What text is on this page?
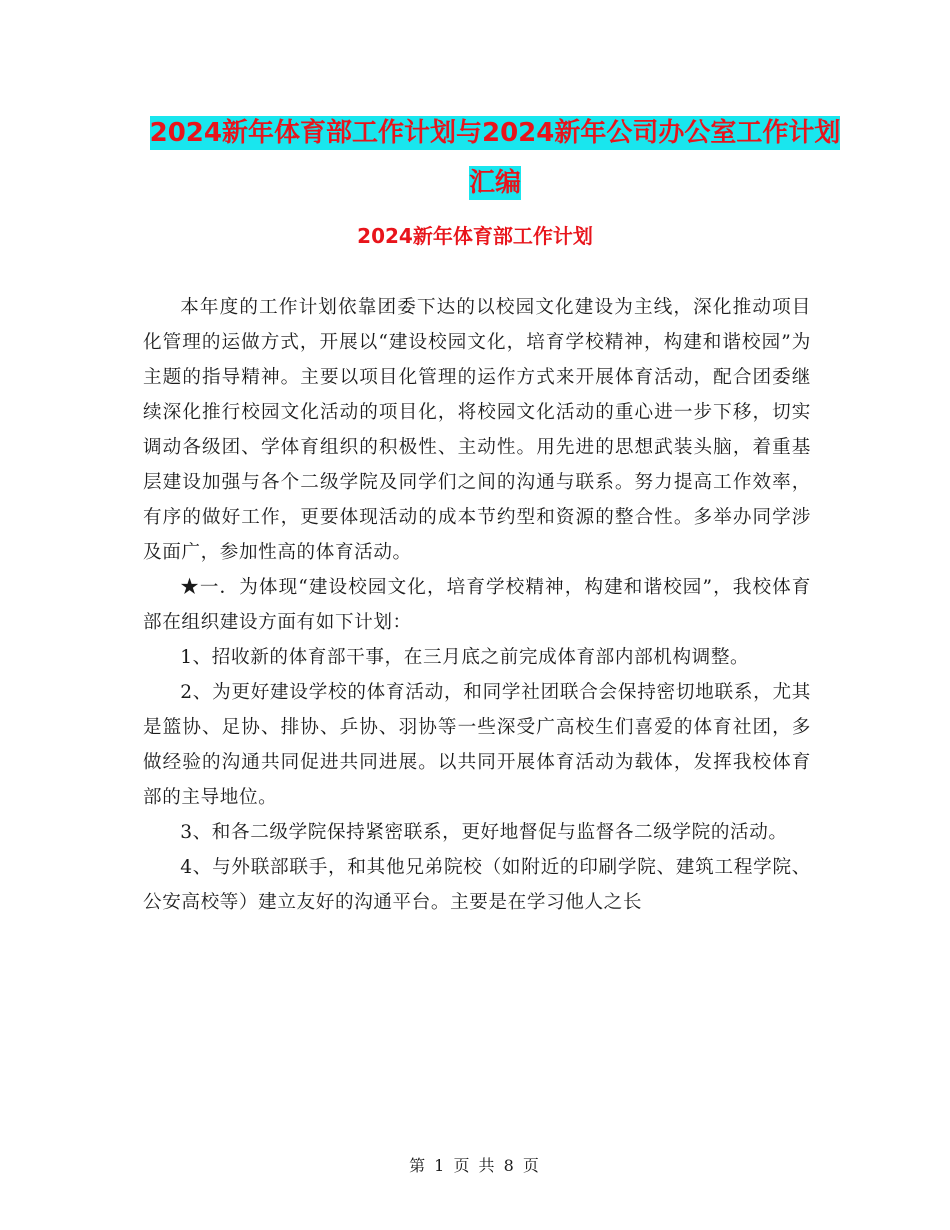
2024新年体育部工作计划与2024新年公司办公室工作计划汇编
2024新年体育部工作计划

本年度的工作计划依靠团委下达的以校园文化建设为主线，深化推动项目化管理的运做方式，开展以“建设校园文化，培育学校精神，构建和谐校园”为主题的指导精神。主要以项目化管理的运作方式来开展体育活动，配合团委继续深化推行校园文化活动的项目化，将校园文化活动的重心进一步下移，切实调动各级团、学体育组织的积极性、主动性。用先进的思想武装头脑，着重基层建设加强与各个二级学院及同学们之间的沟通与联系。努力提高工作效率，有序的做好工作，更要体现活动的成本节约型和资源的整合性。多举办同学涉及面广，参加性高的体育活动。

★一．为体现“建设校园文化，培育学校精神，构建和谐校园”，我校体育部在组织建设方面有如下计划：

1、招收新的体育部干事，在三月底之前完成体育部内部机构调整。

2、为更好建设学校的体育活动，和同学社团联合会保持密切地联系，尤其是篮协、足协、排协、乒协、羽协等一些深受广高校生们喜爱的体育社团，多做经验的沟通共同促进共同进展。以共同开展体育活动为载体，发挥我校体育部的主导地位。

3、和各二级学院保持紧密联系，更好地督促与监督各二级学院的活动。

4、与外联部联手，和其他兄弟院校（如附近的印刷学院、建筑工程学院、公安高校等）建立友好的沟通平台。主要是在学习他人之长

第 1 页 共 8 页
